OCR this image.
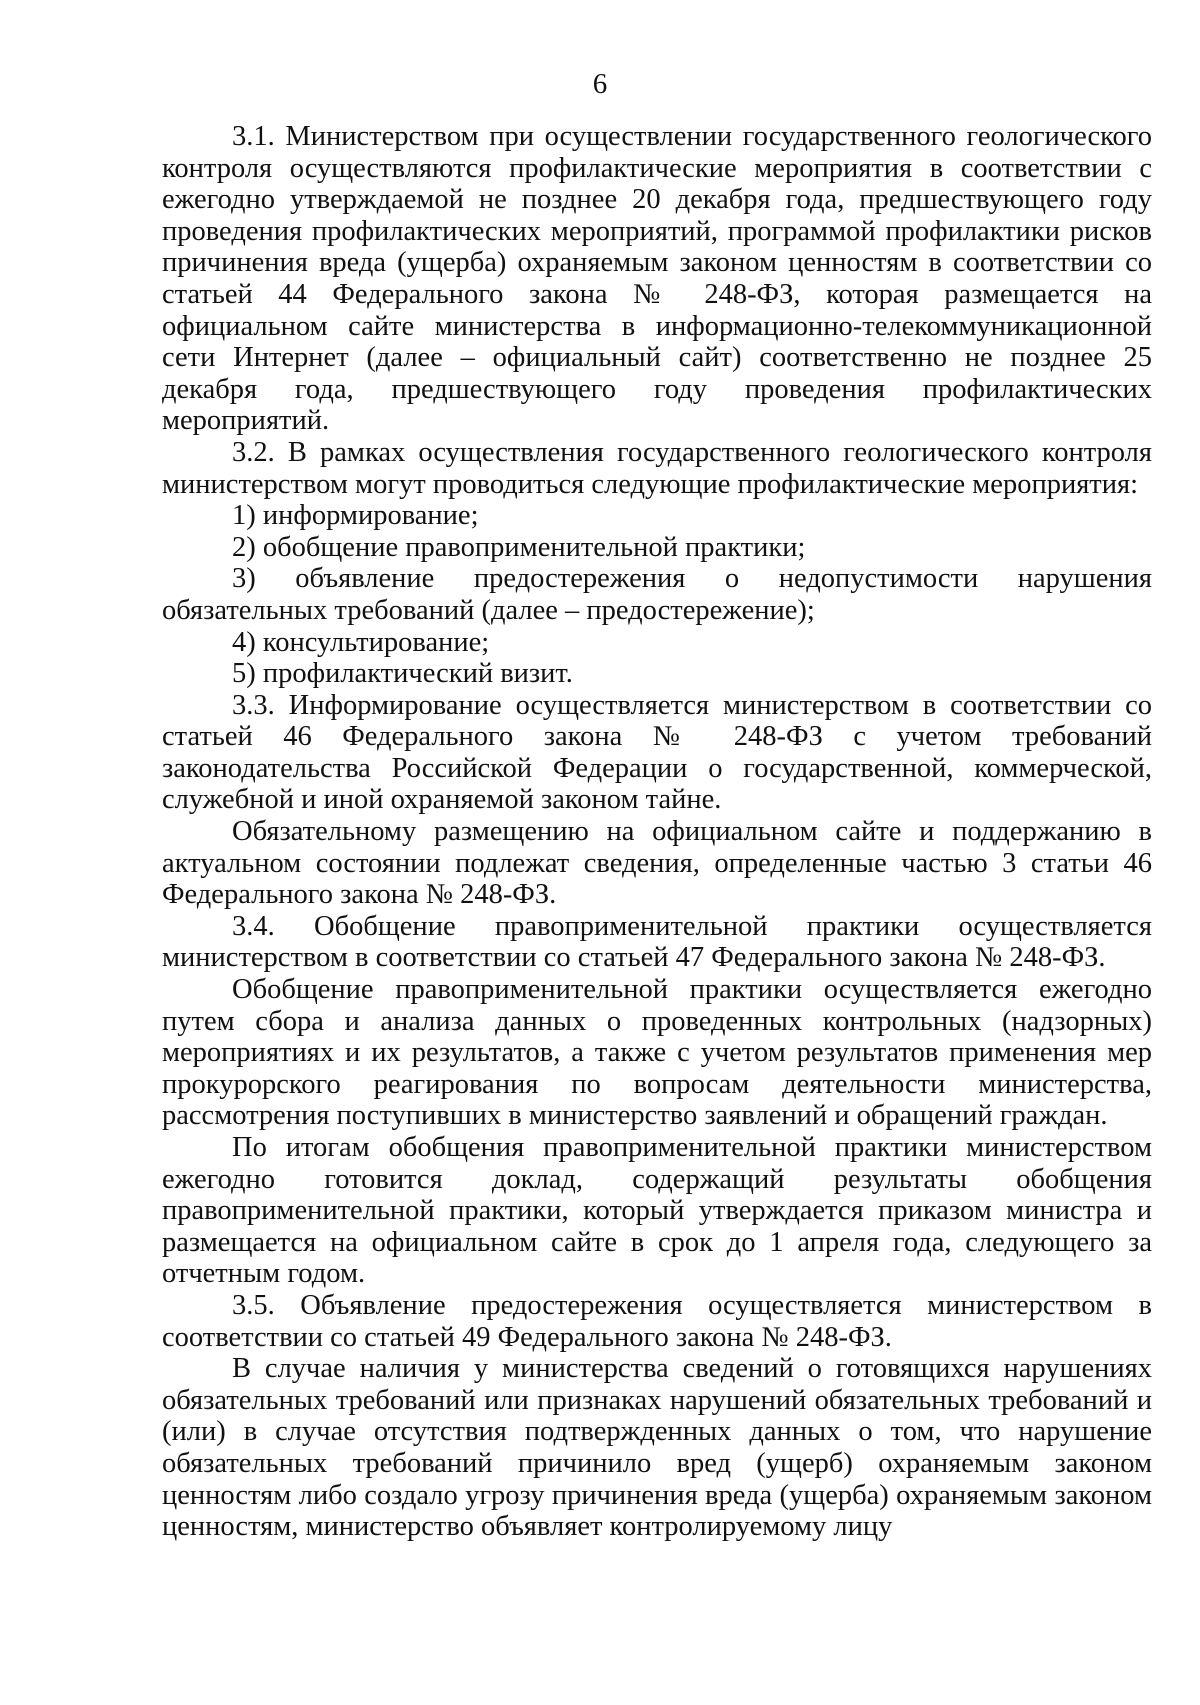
6

3.1. Министерством при осуществлении государственного геологического контроля осуществляются профилактические мероприятия в соответствии с ежегодно утверждаемой не позднее 20 декабря года, предшествующего году проведения профилактических мероприятий, программой профилактики рисков причинения вреда (ущерба) охраняемым законом ценностям в соответствии со статьей 44 Федерального закона № 248-ФЗ, которая размещается на официальном сайте министерства в информационно-телекоммуникационной сети Интернет (далее – официальный сайт) соответственно не позднее 25 декабря года, предшествующего году проведения профилактических мероприятий.

3.2. В рамках осуществления государственного геологического контроля министерством могут проводиться следующие профилактические мероприятия:

1) информирование;

2) обобщение правоприменительной практики;

3) объявление предостережения о недопустимости нарушения обязательных требований (далее – предостережение);

4) консультирование;

5) профилактический визит.

3.3. Информирование осуществляется министерством в соответствии со статьей 46 Федерального закона № 248-ФЗ с учетом требований законодательства Российской Федерации о государственной, коммерческой, служебной и иной охраняемой законом тайне.

Обязательному размещению на официальном сайте и поддержанию в актуальном состоянии подлежат сведения, определенные частью 3 статьи 46 Федерального закона № 248-ФЗ.

3.4. Обобщение правоприменительной практики осуществляется министерством в соответствии со статьей 47 Федерального закона № 248-ФЗ.

Обобщение правоприменительной практики осуществляется ежегодно путем сбора и анализа данных о проведенных контрольных (надзорных) мероприятиях и их результатов, а также с учетом результатов применения мер прокурорского реагирования по вопросам деятельности министерства, рассмотрения поступивших в министерство заявлений и обращений граждан.

По итогам обобщения правоприменительной практики министерством ежегодно готовится доклад, содержащий результаты обобщения правоприменительной практики, который утверждается приказом министра и размещается на официальном сайте в срок до 1 апреля года, следующего за отчетным годом.

3.5. Объявление предостережения осуществляется министерством в соответствии со статьей 49 Федерального закона № 248-ФЗ.

В случае наличия у министерства сведений о готовящихся нарушениях обязательных требований или признаках нарушений обязательных требований и (или) в случае отсутствия подтвержденных данных о том, что нарушение обязательных требований причинило вред (ущерб) охраняемым законом ценностям либо создало угрозу причинения вреда (ущерба) охраняемым законом ценностям, министерство объявляет контролируемому лицу
